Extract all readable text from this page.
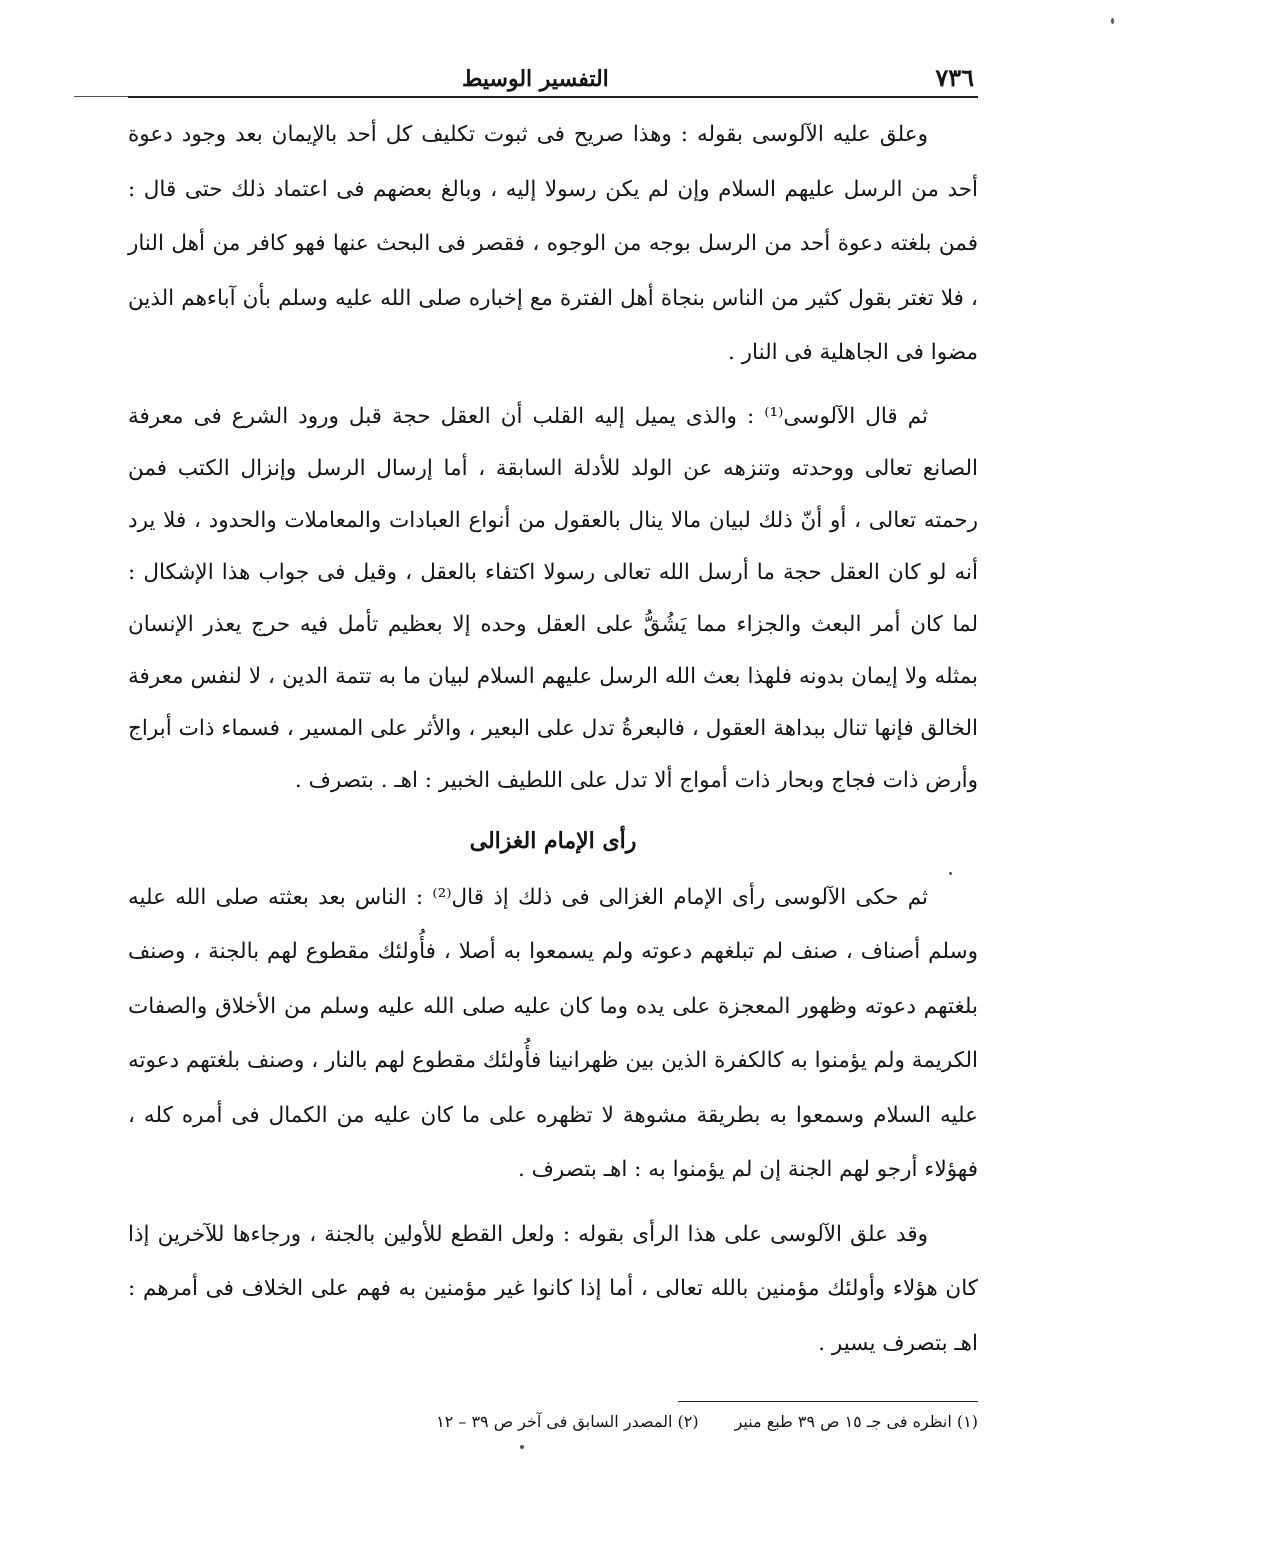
٧٣٦
التفسير الوسيط

وعلق عليه الآلوسى بقوله : وهذا صريح فى ثبوت تكليف كل أحد بالإيمان بعد وجود دعوة أحد من الرسل عليهم السلام وإن لم يكن رسولا إليه ، وبالغ بعضهم فى اعتماد ذلك حتى قال : فمن بلغته دعوة أحد من الرسل بوجه من الوجوه ، فقصر فى البحث عنها فهو كافر من أهل النار ، فلا تغتر بقول كثير من الناس بنجاة أهل الفترة مع إخباره صلى الله عليه وسلم بأن آباءهم الذين مضوا فى الجاهلية فى النار .

ثم قال الآلوسى⁽¹⁾ : والذى يميل إليه القلب أن العقل حجة قبل ورود الشرع فى معرفة الصانع تعالى ووحدته وتنزهه عن الولد للأدلة السابقة ، أما إرسال الرسل وإنزال الكتب فمن رحمته تعالى ، أو أنّ ذلك لبيان مالا ينال بالعقول من أنواع العبادات والمعاملات والحدود ، فلا يرد أنه لو كان العقل حجة ما أرسل الله تعالى رسولا اكتفاء بالعقل ، وقيل فى جواب هذا الإشكال : لما كان أمر البعث والجزاء مما يَشُقُّ على العقل وحده إلا بعظيم تأمل فيه حرج يعذر الإنسان بمثله ولا إيمان بدونه فلهذا بعث الله الرسل عليهم السلام لبيان ما به تتمة الدين ، لا لنفس معرفة الخالق فإنها تنال ببداهة العقول ، فالبعرةُ تدل على البعير ، والأثر على المسير ، فسماء ذات أبراج وأرض ذات فجاج وبحار ذات أمواج ألا تدل على اللطيف الخبير : اهـ . بتصرف .

رأى الإمام الغزالى

ثم حكى الآلوسى رأى الإمام الغزالى فى ذلك إذ قال⁽²⁾ : الناس بعد بعثته صلى الله عليه وسلم أصناف ، صنف لم تبلغهم دعوته ولم يسمعوا به أصلا ، فأُولئك مقطوع لهم بالجنة ، وصنف بلغتهم دعوته وظهور المعجزة على يده وما كان عليه صلى الله عليه وسلم من الأخلاق والصفات الكريمة ولم يؤمنوا به كالكفرة الذين بين ظهرانينا فأُولئك مقطوع لهم بالنار ، وصنف بلغتهم دعوته عليه السلام وسمعوا به بطريقة مشوهة لا تظهره على ما كان عليه من الكمال فى أمره كله ، فهؤلاء أرجو لهم الجنة إن لم يؤمنوا به : اهـ بتصرف .

وقد علق الآلوسى على هذا الرأى بقوله : ولعل القطع للأولين بالجنة ، ورجاءها للآخرين إذا كان هؤلاء وأولئك مؤمنين بالله تعالى ، أما إذا كانوا غير مؤمنين به فهم على الخلاف فى أمرهم : اهـ بتصرف يسير .

(١) انظره فى جـ ١٥ ص ٣٩ طبع منير
(٢) المصدر السابق فى آخر ص ٣٩ – ١٢
